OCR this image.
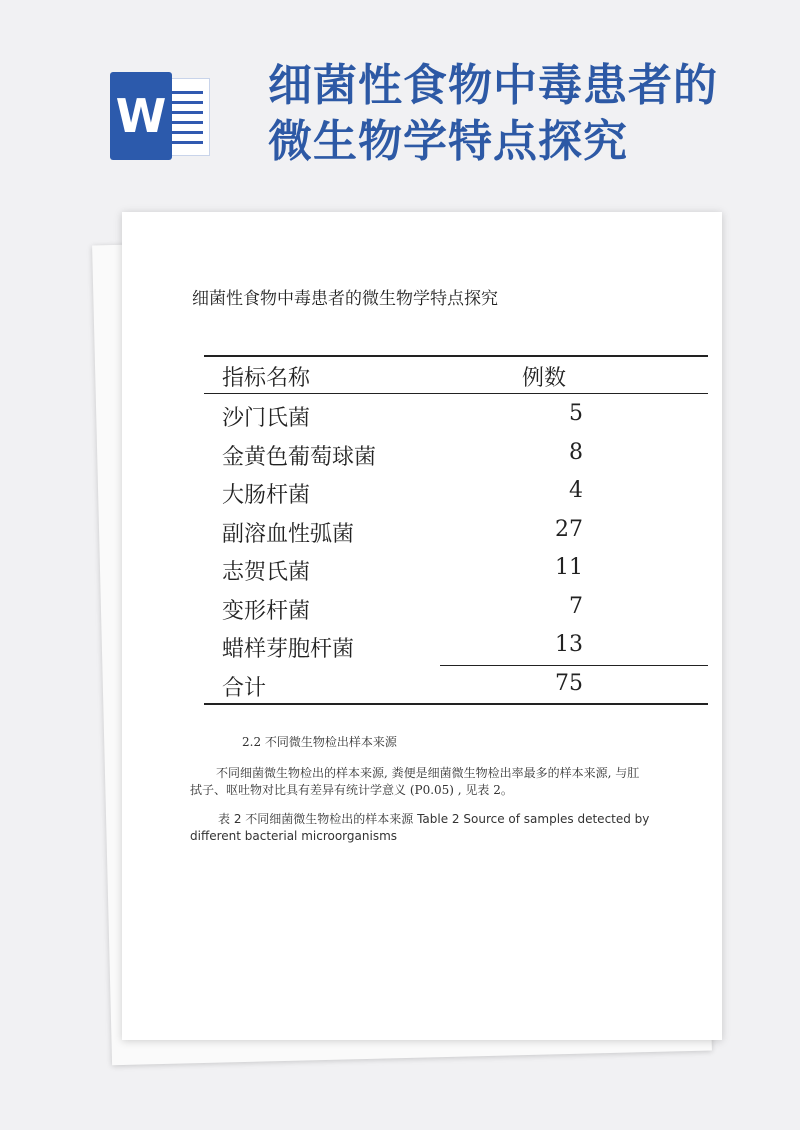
W
细菌性食物中毒患者的
微生物学特点探究
细菌性食物中毒患者的微生物学特点探究
指标名称	例数
沙门氏菌	5
金黄色葡萄球菌	8
大肠杆菌	4
副溶血性弧菌	27
志贺氏菌	11
变形杆菌	7
蜡样芽胞杆菌	13
合计	75
2.2 不同微生物检出样本来源
不同细菌微生物检出的样本来源, 粪便是细菌微生物检出率最多的样本来源, 与肛拭子、呕吐物对比具有差异有统计学意义 (P0.05) , 见表 2。
表 2 不同细菌微生物检出的样本来源 Table 2 Source of samples detected by different bacterial microorganisms
